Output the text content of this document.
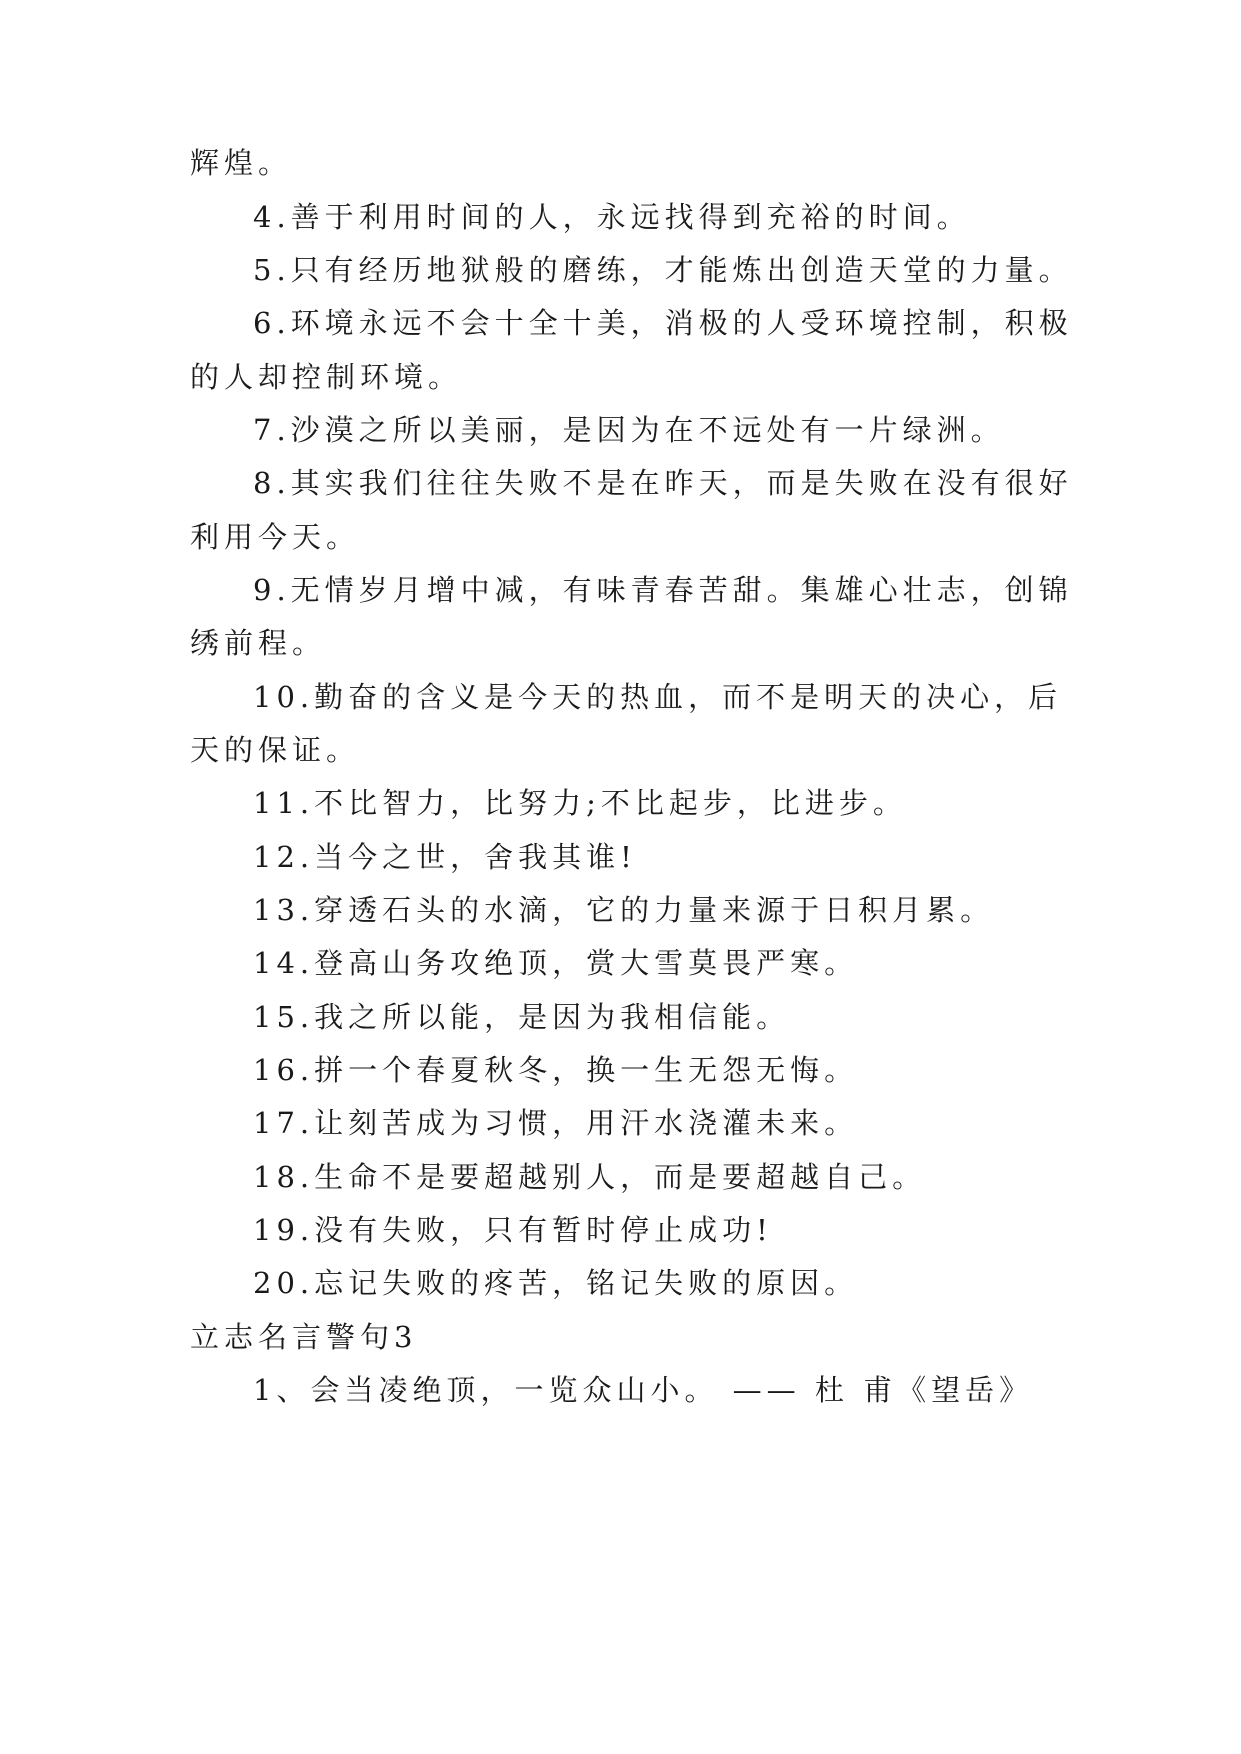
辉煌。
4.善于利用时间的人，永远找得到充裕的时间。
5.只有经历地狱般的磨练，才能炼出创造天堂的力量。
6.环境永远不会十全十美，消极的人受环境控制，积极
的人却控制环境。
7.沙漠之所以美丽，是因为在不远处有一片绿洲。
8.其实我们往往失败不是在昨天，而是失败在没有很好
利用今天。
9.无情岁月增中减，有味青春苦甜。集雄心壮志，创锦
绣前程。
10.勤奋的含义是今天的热血，而不是明天的决心，后
天的保证。
11.不比智力，比努力;不比起步，比进步。
12.当今之世，舍我其谁!
13.穿透石头的水滴，它的力量来源于日积月累。
14.登高山务攻绝顶，赏大雪莫畏严寒。
15.我之所以能，是因为我相信能。
16.拼一个春夏秋冬，换一生无怨无悔。
17.让刻苦成为习惯，用汗水浇灌未来。
18.生命不是要超越别人，而是要超越自己。
19.没有失败，只有暂时停止成功!
20.忘记失败的疼苦，铭记失败的原因。
立志名言警句3
1、会当凌绝顶，一览众山小。 —— 杜 甫《望岳》
